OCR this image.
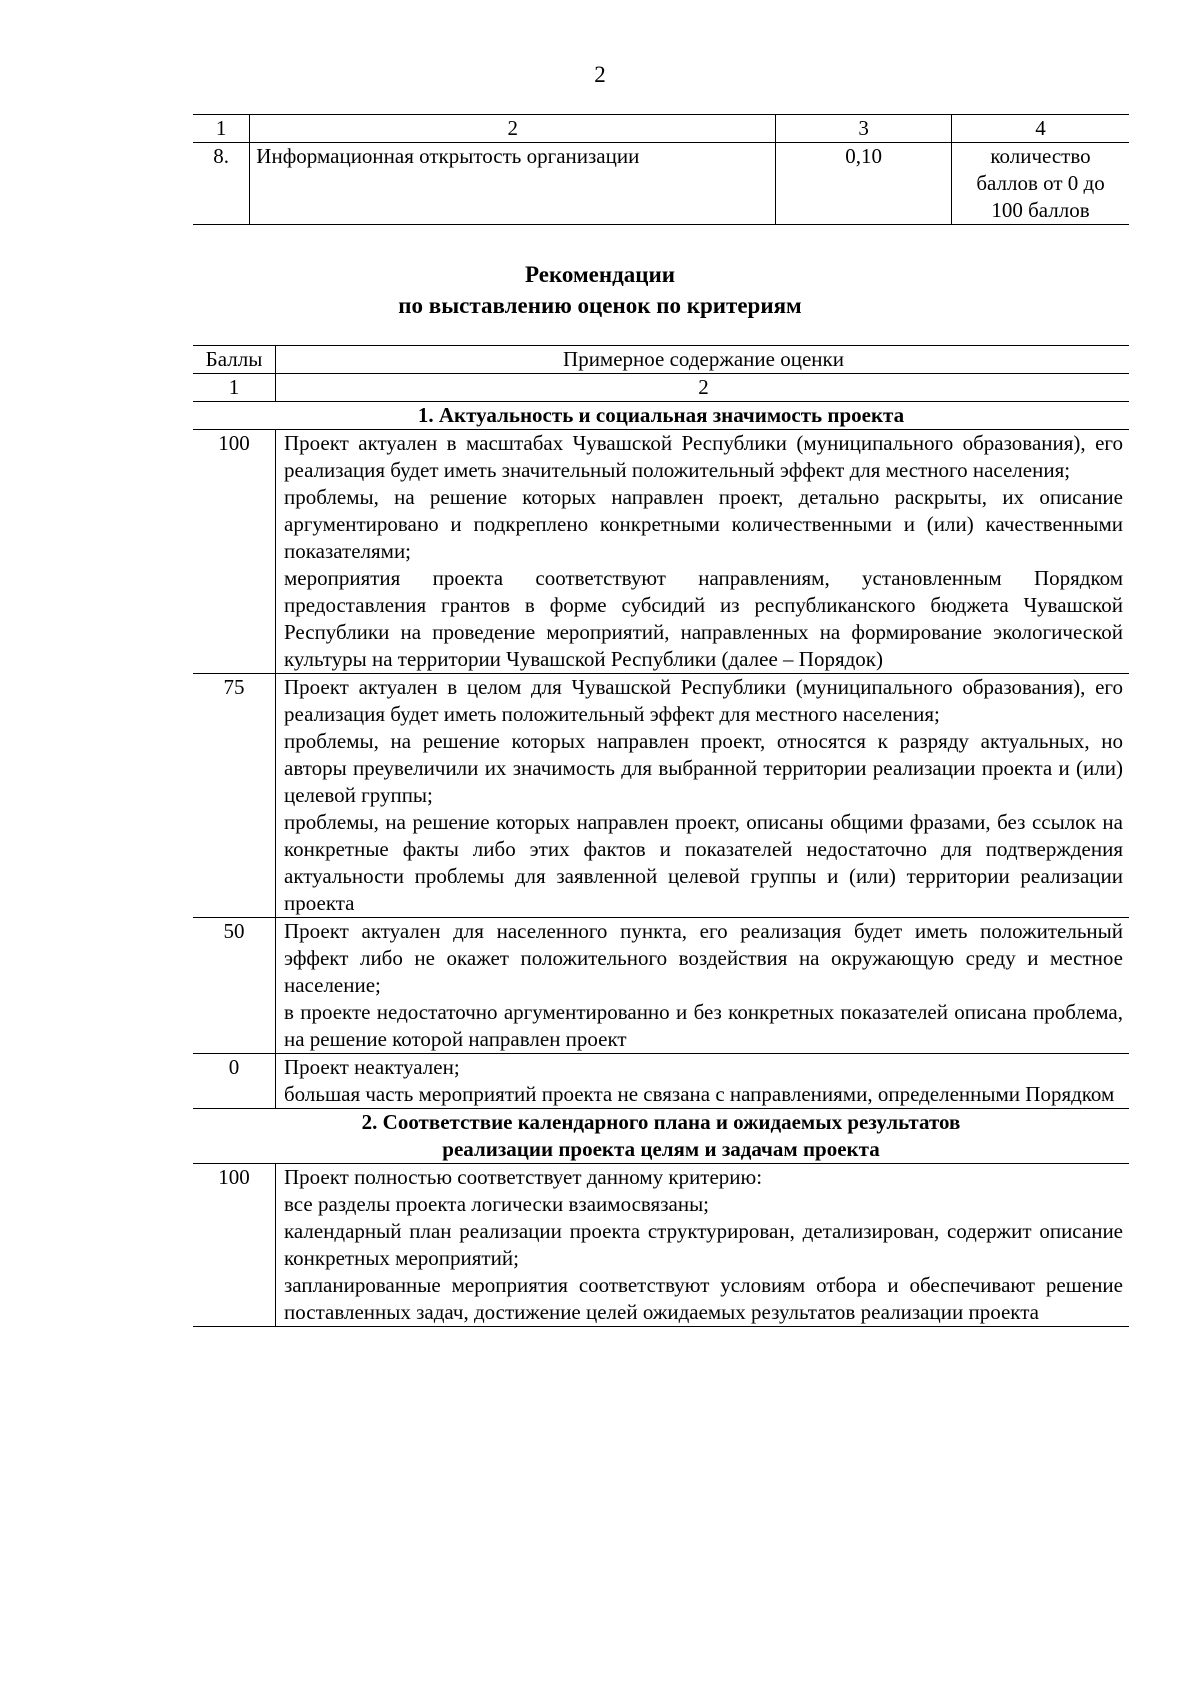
2
1	2	3	4
8.	Информационная открытость организации	0,10	количество баллов от 0 до 100 баллов
Рекомендации
по выставлению оценок по критериям
Баллы	Примерное содержание оценки
1	2
1. Актуальность и социальная значимость проекта	
100	Проект актуален в масштабах Чувашской Республики (муниципального образования), его реализация будет иметь значительный положительный эффект для местного населения;
проблемы, на решение которых направлен проект, детально раскрыты, их описание аргументировано и подкреплено конкретными количественными и (или) качественными показателями;
мероприятия проекта соответствуют направлениям, установленным Порядком предоставления грантов в форме субсидий из республиканского бюджета Чувашской Республики на проведение мероприятий, направленных на формирование экологической культуры на территории Чувашской Республики (далее – Порядок)

75	Проект актуален в целом для Чувашской Республики (муниципального образования), его реализация будет иметь положительный эффект для местного населения;
проблемы, на решение которых направлен проект, относятся к разряду актуальных, но авторы преувеличили их значимость для выбранной территории реализации проекта и (или) целевой группы;
проблемы, на решение которых направлен проект, описаны общими фразами, без ссылок на конкретные факты либо этих фактов и показателей недостаточно для подтверждения актуальности проблемы для заявленной целевой группы и (или) территории реализации проекта

50	Проект актуален для населенного пункта, его реализация будет иметь положительный эффект либо не окажет положительного воздействия на окружающую среду и местное население;
в проекте недостаточно аргументированно и без конкретных показателей описана проблема, на решение которой направлен проект

0	Проект неактуален;
большая часть мероприятий проекта не связана с направлениями, определенными Порядком

2. Соответствие календарного плана и ожидаемых результатов
реализации проекта целям и задачам проекта	

100	Проект полностью соответствует данному критерию:
все разделы проекта логически взаимосвязаны;
календарный план реализации проекта структурирован, детализирован, содержит описание конкретных мероприятий;
запланированные мероприятия соответствуют условиям отбора и обеспечивают решение поставленных задач, достижение целей ожидаемых результатов реализации проекта
